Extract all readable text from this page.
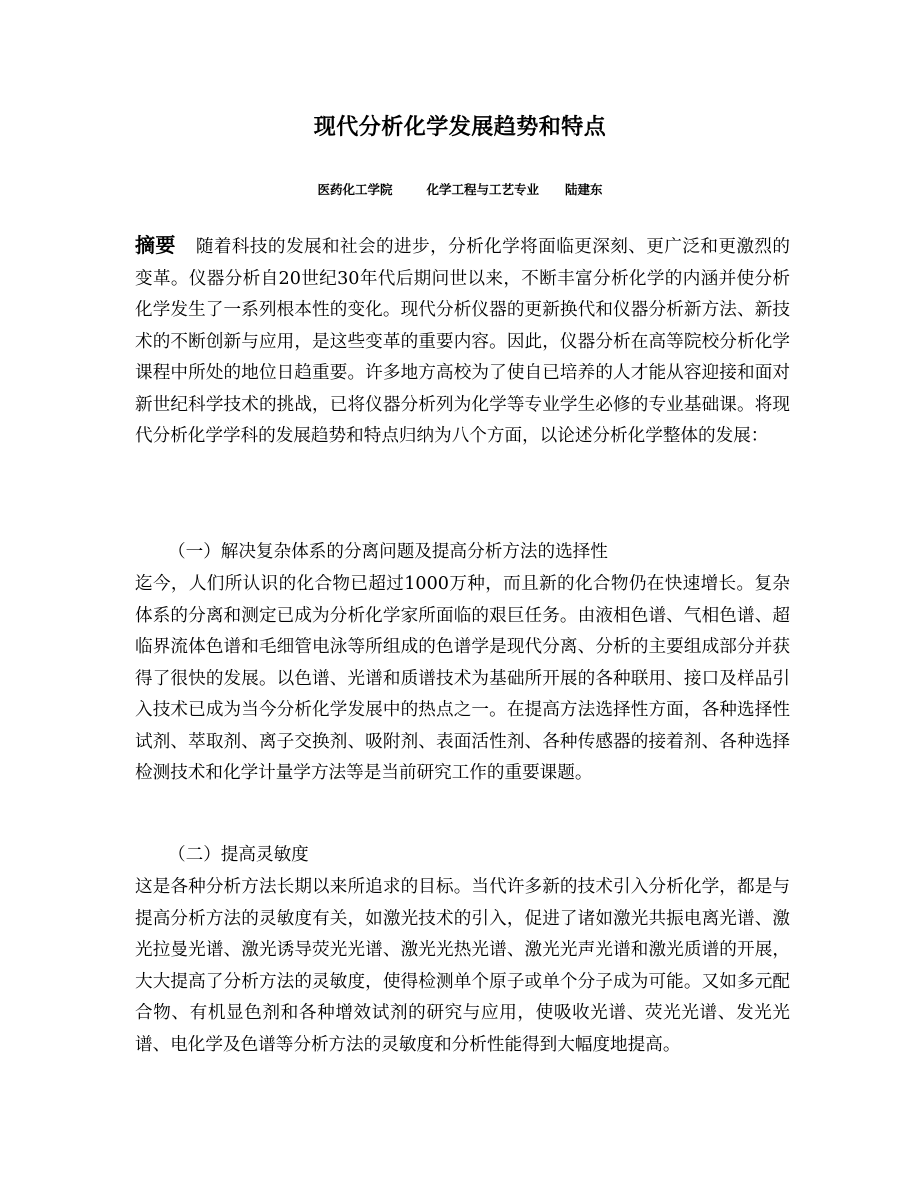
现代分析化学发展趋势和特点
医药化工学院	化学工程与工艺专业 陆建东

摘要 随着科技的发展和社会的进步，分析化学将面临更深刻、更广泛和更激烈的变革。仪器分析自20世纪30年代后期问世以来，不断丰富分析化学的内涵并使分析化学发生了一系列根本性的变化。现代分析仪器的更新换代和仪器分析新方法、新技术的不断创新与应用，是这些变革的重要内容。因此，仪器分析在高等院校分析化学课程中所处的地位日趋重要。许多地方高校为了使自已培养的人才能从容迎接和面对新世纪科学技术的挑战，已将仪器分析列为化学等专业学生必修的专业基础课。将现代分析化学学科的发展趋势和特点归纳为八个方面，以论述分析化学整体的发展：

（一）解决复杂体系的分离问题及提高分析方法的选择性

迄今，人们所认识的化合物已超过1000万种，而且新的化合物仍在快速增长。复杂体系的分离和测定已成为分析化学家所面临的艰巨任务。由液相色谱、气相色谱、超临界流体色谱和毛细管电泳等所组成的色谱学是现代分离、分析的主要组成部分并获得了很快的发展。以色谱、光谱和质谱技术为基础所开展的各种联用、接口及样品引入技术已成为当今分析化学发展中的热点之一。在提高方法选择性方面，各种选择性试剂、萃取剂、离子交换剂、吸附剂、表面活性剂、各种传感器的接着剂、各种选择检测技术和化学计量学方法等是当前研究工作的重要课题。

（二）提高灵敏度

这是各种分析方法长期以来所追求的目标。当代许多新的技术引入分析化学，都是与提高分析方法的灵敏度有关，如激光技术的引入，促进了诸如激光共振电离光谱、激光拉曼光谱、激光诱导荧光光谱、激光光热光谱、激光光声光谱和激光质谱的开展，大大提高了分析方法的灵敏度，使得检测单个原子或单个分子成为可能。又如多元配合物、有机显色剂和各种增效试剂的研究与应用，使吸收光谱、荧光光谱、发光光谱、电化学及色谱等分析方法的灵敏度和分析性能得到大幅度地提高。
